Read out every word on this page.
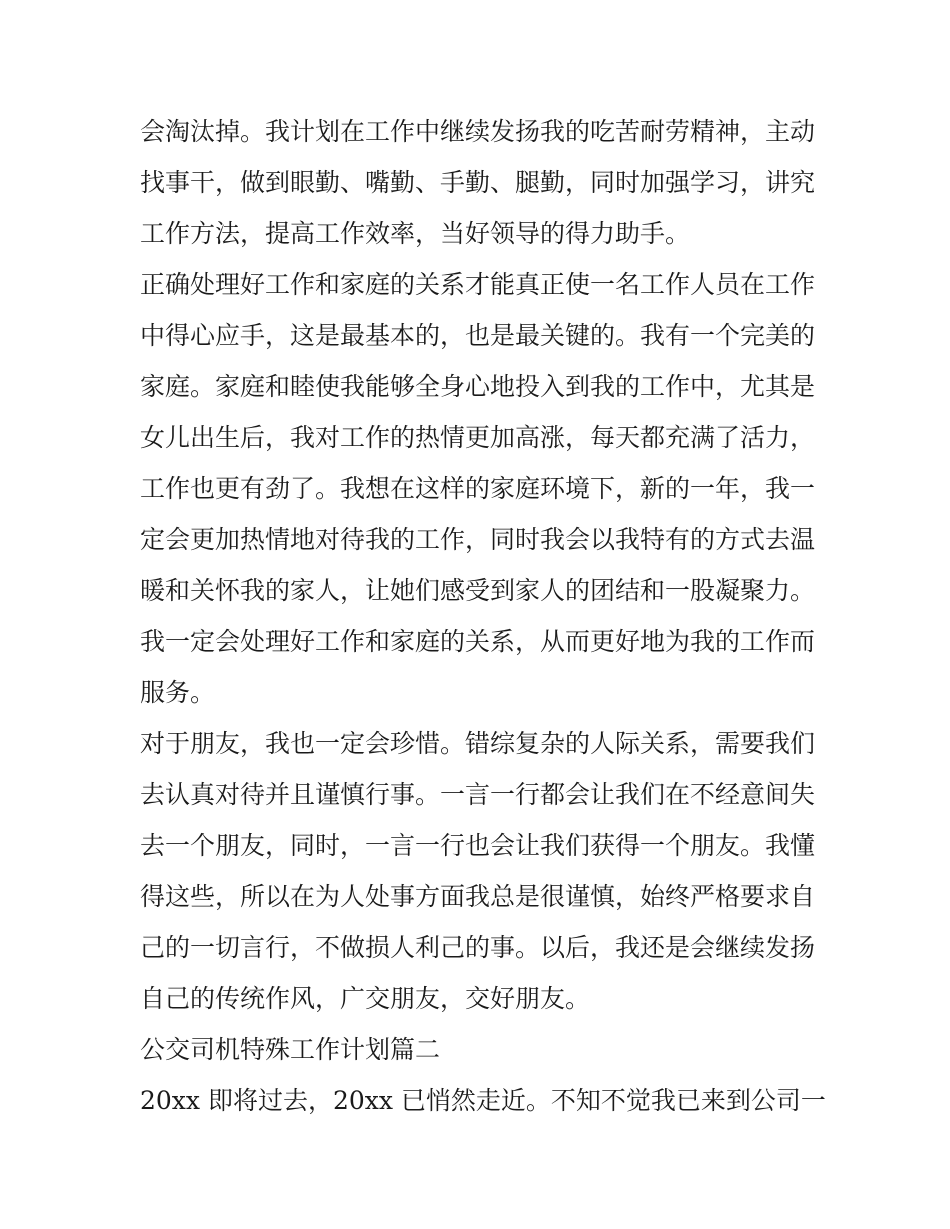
会淘汰掉。我计划在工作中继续发扬我的吃苦耐劳精神，主动
找事干，做到眼勤、嘴勤、手勤、腿勤，同时加强学习，讲究
工作方法，提高工作效率，当好领导的得力助手。
正确处理好工作和家庭的关系才能真正使一名工作人员在工作
中得心应手，这是最基本的，也是最关键的。我有一个完美的
家庭。家庭和睦使我能够全身心地投入到我的工作中，尤其是
女儿出生后，我对工作的热情更加高涨，每天都充满了活力，
工作也更有劲了。我想在这样的家庭环境下，新的一年，我一
定会更加热情地对待我的工作，同时我会以我特有的方式去温
暖和关怀我的家人，让她们感受到家人的团结和一股凝聚力。
我一定会处理好工作和家庭的关系，从而更好地为我的工作而
服务。
对于朋友，我也一定会珍惜。错综复杂的人际关系，需要我们
去认真对待并且谨慎行事。一言一行都会让我们在不经意间失
去一个朋友，同时，一言一行也会让我们获得一个朋友。我懂
得这些，所以在为人处事方面我总是很谨慎，始终严格要求自
己的一切言行，不做损人利己的事。以后，我还是会继续发扬
自己的传统作风，广交朋友，交好朋友。
公交司机特殊工作计划篇二
20xx 即将过去，20xx 已悄然走近。不知不觉我已来到公司一
